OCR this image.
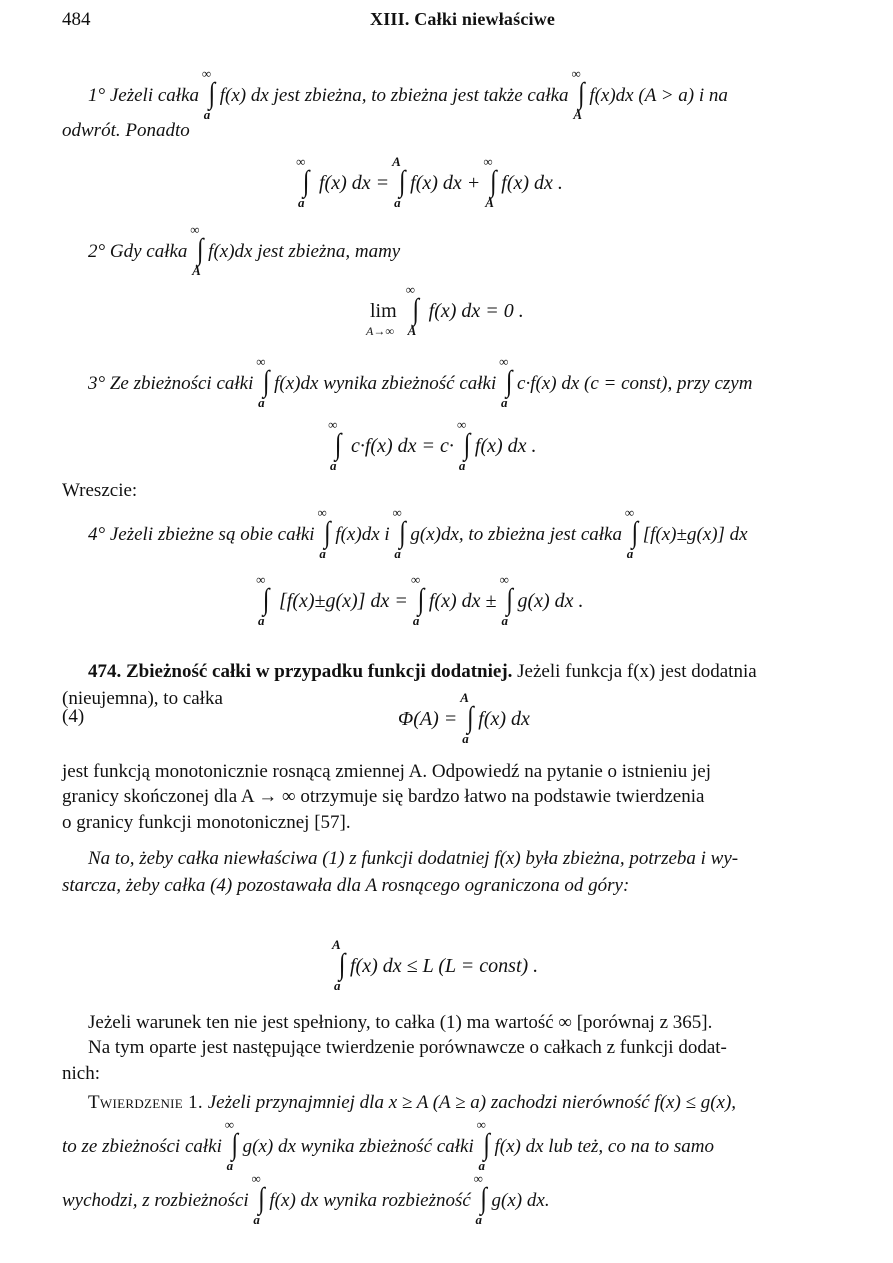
484	XIII. Całki niewłaściwe
1° Jeżeli całka
∞
∫
a
f(x) dx jest zbieżna, to zbieżna jest także całka
∞
∫
A
f(x)dx (A > a) i na
odwrót. Ponadto
∞
∫
a
f(x) dx =
A
∫
a
f(x) dx +
∞
∫
A
f(x) dx .
2° Gdy całka
∞
∫
A
f(x)dx jest zbieżna, mamy
lim
A→∞

∞
∫
A
f(x) dx = 0 .
3° Ze zbieżności całki
∞
∫
a
f(x)dx wynika zbieżność całki
∞
∫
a
c·f(x) dx (c = const), przy czym
∞
∫
a
c·f(x) dx = c·
∞
∫
a
f(x) dx .
Wreszcie:
4° Jeżeli zbieżne są obie całki
∞
∫
a
f(x)dx i
∞
∫
a
g(x)dx, to zbieżna jest całka
∞
∫
a
[f(x)±g(x)] dx
∞
∫
a
[f(x)±g(x)] dx =
∞
∫
a
f(x) dx ±
∞
∫
a
g(x) dx .
474. Zbieżność całki w przypadku funkcji dodatniej. Jeżeli funkcja f(x) jest dodatnia
(nieujemna), to całka
(4)	Φ(A) =
A
∫
a
f(x) dx
jest funkcją monotonicznie rosnącą zmiennej A. Odpowiedź na pytanie o istnieniu jej
granicy skończonej dla A → ∞ otrzymuje się bardzo łatwo na podstawie twierdzenia
o granicy funkcji monotonicznej [57].
Na to, żeby całka niewłaściwa (1) z funkcji dodatniej f(x) była zbieżna, potrzeba i wy-
starcza, żeby całka (4) pozostawała dla A rosnącego ograniczona od góry:
A
∫
a
f(x) dx ≤ L (L = const) .
Jeżeli warunek ten nie jest spełniony, to całka (1) ma wartość ∞ [porównaj z 365].
Na tym oparte jest następujące twierdzenie porównawcze o całkach z funkcji dodat-
nich:
Twierdzenie 1. Jeżeli przynajmniej dla x ≥ A (A ≥ a) zachodzi nierówność f(x) ≤ g(x),
to ze zbieżności całki
∞
∫
a
g(x) dx wynika zbieżność całki
∞
∫
a
f(x) dx lub też, co na to samo
wychodzi, z rozbieżności
∞
∫
a
f(x) dx wynika rozbieżność
∞
∫
a
g(x) dx.
